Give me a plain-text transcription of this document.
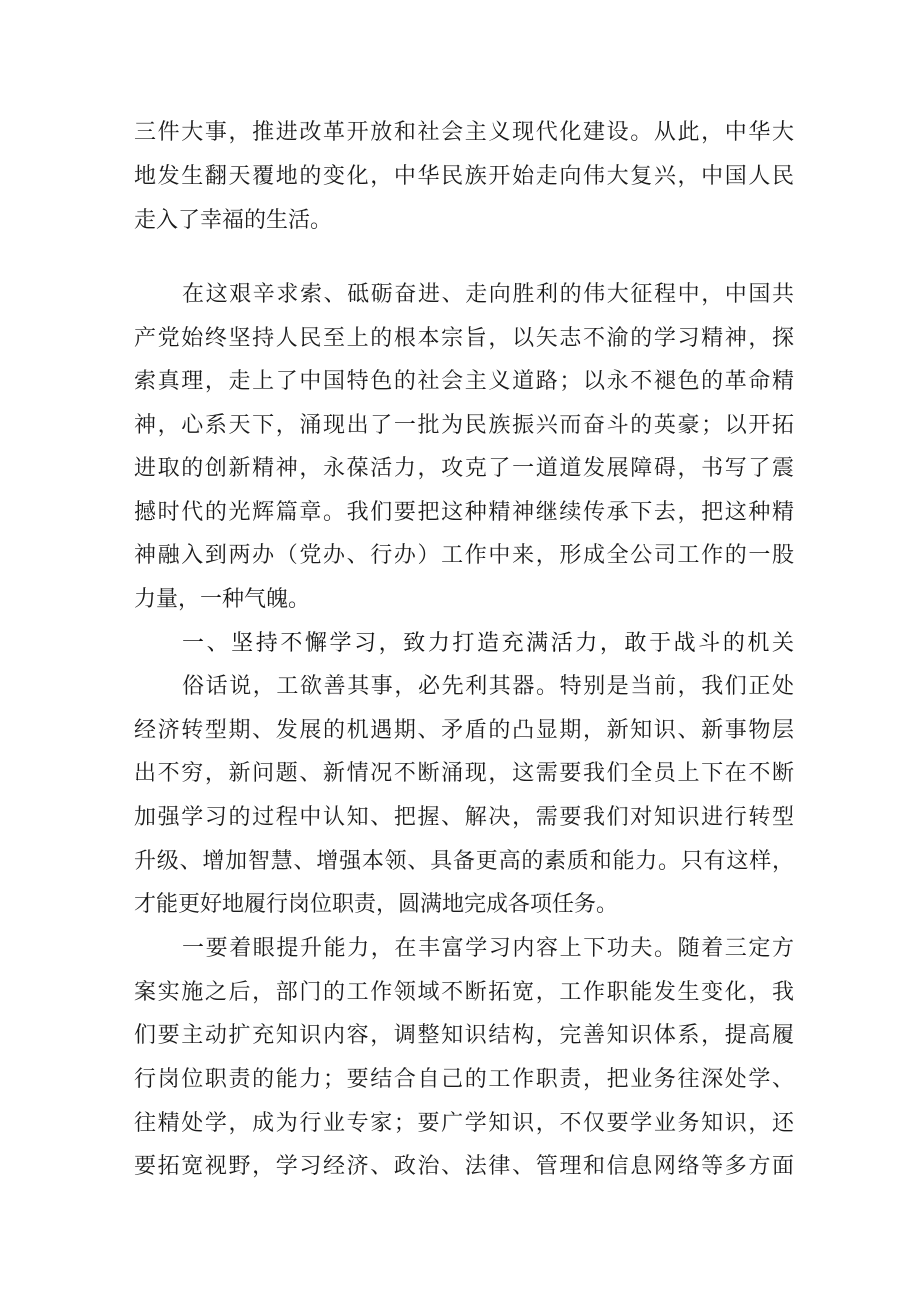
三件大事，推进改革开放和社会主义现代化建设。从此，中华大
地发生翻天覆地的变化，中华民族开始走向伟大复兴，中国人民
走入了幸福的生活。
在这艰辛求索、砥砺奋进、走向胜利的伟大征程中，中国共
产党始终坚持人民至上的根本宗旨，以矢志不渝的学习精神，探
索真理，走上了中国特色的社会主义道路；以永不褪色的革命精
神，心系天下，涌现出了一批为民族振兴而奋斗的英豪；以开拓
进取的创新精神，永葆活力，攻克了一道道发展障碍，书写了震
撼时代的光辉篇章。我们要把这种精神继续传承下去，把这种精
神融入到两办（党办、行办）工作中来，形成全公司工作的一股
力量，一种气魄。
一、坚持不懈学习，致力打造充满活力，敢于战斗的机关
俗话说，工欲善其事，必先利其器。特别是当前，我们正处
经济转型期、发展的机遇期、矛盾的凸显期，新知识、新事物层
出不穷，新问题、新情况不断涌现，这需要我们全员上下在不断
加强学习的过程中认知、把握、解决，需要我们对知识进行转型
升级、增加智慧、增强本领、具备更高的素质和能力。只有这样，
才能更好地履行岗位职责，圆满地完成各项任务。
一要着眼提升能力，在丰富学习内容上下功夫。随着三定方
案实施之后，部门的工作领域不断拓宽，工作职能发生变化，我
们要主动扩充知识内容，调整知识结构，完善知识体系，提高履
行岗位职责的能力；要结合自己的工作职责，把业务往深处学、
往精处学，成为行业专家；要广学知识，不仅要学业务知识，还
要拓宽视野，学习经济、政治、法律、管理和信息网络等多方面
